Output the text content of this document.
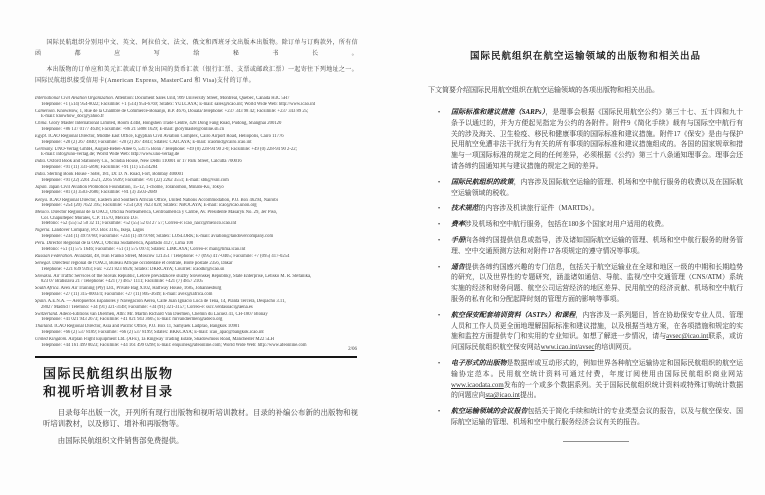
国际民航组织分别用中文、英文、阿拉伯文、法文、俄文和西班牙文出版本出版物。除订单与订购款外，所有信函都应写给秘书长。

本出版物的订单应和美元汇款或订单发出国的货币汇款（银行汇票、支票或邮政汇票）一起寄往下列地址之一。国际民航组织接受信用卡(American Express, MasterCard 和 Visa)支付的订单。

International Civil Aviation Organization. Attention: Document Sales Unit, 999 University Street, Montréal, Quebec, Canada H3C 5H7
Telephone: +1 (514) 954-8022; Facsimile: +1 (514) 954-6769; Sitatex: YULCAYA; E-mail: sales@icao.int; World Wide Web: http://www.icao.int
Cameroon. KnowHow, 1, Rue de la Chambre de Commerce-Bonanjo, B.P. 4676, Douala/Telephone: +237 343 98 42; Facsimile: +237 343 89 25;
E-mail: knowhow_doc@yahoo.fr
China. Glory Master International Limited, Room 434B, Hongshen Trade Centre, 428 Dong Fang Road, Pudong, Shanghai 200120
Telephone: +86 137 0177 4638; Facsimile: +86 21 5888 1629; E-mail: glorymaster@online.sh.cn
Egypt. ICAO Regional Director, Middle East Office, Egyptian Civil Aviation Complex, Cairo Airport Road, Heliopolis, Cairo 11776
Telephone: +20 (2) 267 4840; Facsimile: +20 (2) 267 4843; Sitatex: CAICAYA; E-mail: icaomid@cairo.icao.int
Germany. UNO-Verlag GmbH, August-Bebel-Allee 6, 53175 Bonn / Telephone: +49 (0) 228-94 90 2-0; Facsimile: +49 (0) 228-94 90 2-22;
E-mail: info@uno-verlag.de; World Wide Web: http://www.uno-verlag.de
India. Oxford Book and Stationery Co., Scindia House, New Delhi 110001 or 17 Park Street, Calcutta 700016
Telephone: +91 (11) 331-5896; Facsimile: +91 (11) 51514284
India. Sterling Book House - SBH, 181, Dr. D. N. Road, Fort, Bombay 400001
Telephone: +91 (22) 2261 2521, 2265 9599; Facsimile: +91 (22) 2262 3551; E-mail: sbh@vsnl.com
Japan. Japan Civil Aviation Promotion Foundation, 15-12, 1-chome, Toranomon, Minato-Ku, Tokyo
Telephone: +81 (3) 3503-2686; Facsimile: +81 (3) 3503-2689
Kenya. ICAO Regional Director, Eastern and Southern African Office, United Nations Accommodation, P.O. Box 46294, Nairobi
Telephone: +254 (20) 7622 395; Facsimile: +254 (20) 7623 028; Sitatex: NBOCAYA; E-mail: icao@icao.unon.org
Mexico. Director Regional de la OACI, Oficina Norteamérica, Centroamérica y Caribe, Av. Presidente Masaryk No. 29, 3er Piso,
Col. Chapultepec Morales, C.P. 11570, México D.F.
Teléfono: +52 (55) 52 50 32 11; Facsímile: +52 (55) 52 03 27 57; Correo-e: icao_nacc@mexico.icao.int
Nigeria. Landover Company, P.O. Box 3165, Ikeja, Lagos
Telephone: +234 (1) 4979780; Facsimile: +234 (1) 4979788; Sitatex: LOSLORK; E-mail: aviation@landovercompany.com
Peru. Director Regional de la OACI, Oficina Sudamérica, Apartado 4127, Lima 100
Teléfono: +51 (1) 575 1646; Facsímile: +51 (1) 575 0974; Sitatex: LIMCAYA; Correo-e: mail@lima.icao.int
Russian Federation. Aviaizdat, 48, Ivan Franko Street, Moscow 121351 / Telephone: +7 (095) 417-0405; Facsimile: +7 (095) 417-0254
Senegal. Directeur régional de l'OACI, Bureau Afrique occidentale et centrale, Boîte postale 2356, Dakar
Téléphone: +221 839 9393; Fax: +221 823 6926; Sitatex: DKRCAYA; Courriel: icaodkr@icao.sn
Slovakia. Air Traffic Services of the Slovak Republic, Letové prevádzkové služby Slovenskej Republiky, State Enterprise, Letisko M. R. Štefánika,
823 07 Bratislava 21 / Telephone: +421 (7) 4857 1111; Facsimile: +421 (7) 4857 2105
South Africa. Avex Air Training (Pty) Ltd., Private Bag X102, Halfway House, 1685, Johannesburg
Telephone: +27 (11) 315-0003/4; Facsimile: +27 (11) 805-3649; E-mail: avex@iafrica.com
Spain. A.E.N.A. — Aeropuertos Españoles y Navegación Aérea, Calle Juan Ignacio Luca de Tena, 14, Planta Tercera, Despacho 3.11,
28027 Madrid / Teléfono: +34 (91) 321-3148; Facsímile: +34 (91) 321-3157; Correo-e: sscc.ventasoaci@aena.es
Switzerland. Adeco-Editions van Diermen, Attn: Mr. Martin Richard Van Diermen, Chemin du Lacuez 41, CH-1807 Blonay
Telephone: +41 021 943 2673; Facsimile: +41 021 943 3605; E-mail: mrvandiermen@adeco.org
Thailand. ICAO Regional Director, Asia and Pacific Office, P.O. Box 11, Samyaek Ladprao, Bangkok 10901
Telephone: +66 (2) 537 8189; Facsimile: +66 (2) 537 8199; Sitatex: BKKCAYA; E-mail: icao_apac@bangkok.icao.int
United Kingdom. Airplan Flight Equipment Ltd. (AFE), 1a Ringway Trading Estate, Shadowmoss Road, Manchester M22 5LH
Telephone: +44 161 499 0023; Facsimile: +44 161 499 0298; E-mail: enquiries@afeonline.com; World Wide Web: http://www.afeonline.com
2/06
国际民航组织出版物
和视听培训教材目录

目录每年出版一次，开列所有现行出版物和视听培训教材。目录的补编公布新的出版物和视听培训教材，以及修订、增补和再版物等。

由国际民航组织文件销售部免费提供。

国际民航组织在航空运输领域的出版物和相关出品

下文简要介绍国际民用航空组织在航空运输领域的各项出版物和相关出品。
•	国际标准和建议措施（SARPs），是理事会根据《国际民用航空公约》第三十七、五十四和九十条予以通过的，并为方便起见指定为公约的各附件。附件9《简化手续》载有与国际空中航行有关的涉及海关、卫生检疫、移民和健康事项的国际标准和建议措施。附件17《保安》是由与保护民用航空免遭非法干扰行为有关的所有事项的国际标准和建议措施组成的。各国的国家规章和措施与一项国际标准的规定之间的任何差异，必须根据《公约》第三十八条通知理事会。理事会还请各缔约国通知其与建议措施的规定之间的差异。
•	国际民航组织的政策，内容涉及国际航空运输的管理、机场和空中航行服务的收费以及在国际航空运输领域的税收。
•	技术规范的内容涉及机读旅行证件（MARTDs）。
•	费率涉及机场和空中航行服务，包括在180多个国家对用户适用的收费。
•	手册向各缔约国提供信息或指导，涉及诸如国际航空运输的管理、机场和空中航行服务的财务管理、空中交通预测方法和对附件17各项规定的遵守情况等事项。
•	通告提供各缔约国感兴趣的专门信息，包括关于航空运输业在全球和地区一级的中期和长期趋势的研究，以及世界性的专题研究，涵盖诸如通信、导航、监视/空中交通管理（CNS/ATM）系统实施的经济和财务问题、航空公司运营经济的地区差异、民用航空的经济贡献、机场和空中航行服务的私有化和分配起降时刻的管理方面的影响等事项。
•	航空保安配套培训资料（ASTPs）和课程，内容涉及一系列题目，旨在协助保安专业人员、管理人员和工作人员更全面地理解国际标准和建议措施，以及根据当地方案，在各项措施和规定的实施和监控方面提供专门和实用的专业知识。如想了解进一步情况，请与avsec@icao.int联系，或访问国际民航组织航空保安网站www.icao.int/avsec的培训网页。
•	电子形式的出版物是数据库或互动形式的，例如世界各种航空运输协定和国际民航组织的航空运输协定范本。民用航空统计资料可通过付费，年度订阅使用由国际民航组织商业网站www.icaodata.com发布的一个或多个数据系列。关于国际民航组织统计资料或特殊订购统计数据的问题应向sta@icao.int提出。
•	航空运输领域的会议报告包括关于简化手续和统计的专业类型会议的报告，以及与航空保安、国际航空运输的管理、机场和空中航行服务经济会议有关的报告。
